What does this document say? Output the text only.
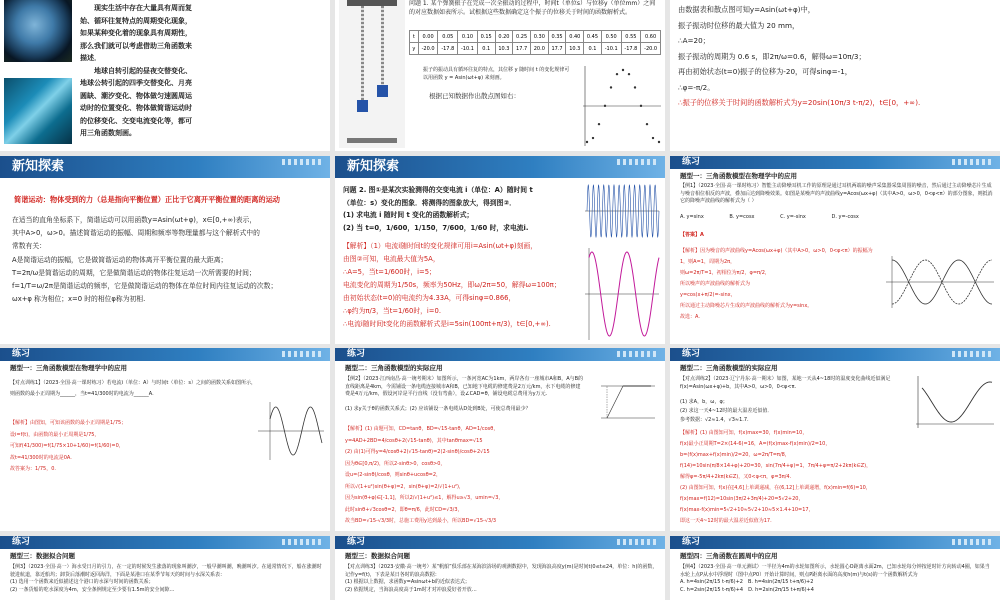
现实生活中存在大量具有周而复
始、循环往复特点的周期变化现象，
如果某种变化着的现象具有周期性，
那么我们就可以考虑借助三角函数来
描述．
地球自转引起的昼夜交替变化、
地球公转引起的四季交替变化、月亮
圆缺、潮汐变化、物体做匀速圆周运
动时的位置变化、物体做简谐运动时
的位移变化、交变电流变化等，都可
用三角函数刻画。
问题 1. 某个弹簧振子在完成一次全振动的过程中，时间t（单位s）与位移y（单位mm）之间的对应数据如表所示。试根据这些数据确定这个振子的位移关于时间的函数解析式。
t	0.00	0.05	0.10	0.15	0.20	0.25	0.30	0.35	0.40	0.45	0.50	0.55	0.60
y	-20.0	-17.8	-10.1	0.1	10.3	17.7	20.0	17.7	10.3	0.1	-10.1	-17.8	-20.0
振子的振动具有循环往复的特点，其位移 y 随时间 t 的变化规律可以用函数 y = Asin(ωt+φ) 来刻画。
根据已知数据作出散点图如右：
由数据表和散点图可知y=Asin(ωt+φ)中，
振子振动时位移的最大值为 20 mm，
∴A=20；
振子振动的周期为 0.6 s，即2π/ω=0.6，解得ω=10π/3；
再由初始状态(t=0)振子的位移为-20，可得sinφ=-1，
∴φ=-π/2。
∴振子的位移关于时间的函数解析式为y=20sin(10π/3 t-π/2)，t∈[0，+∞).
新知探索
简谐运动：物体受到的力（总是指向平衡位置）正比于它离开平衡位置的距离的运动
在适当的直角坐标系下，简谐运动可以用函数y=Asin(ωt+φ)，x∈[0,+∞)表示，
其中A>0，ω>0。描述简谐运动的振幅、周期和频率等物理量都与这个解析式中的
常数有关：
A是简谐运动的振幅，它是做简谐运动的物体离开平衡位置的最大距离；
T=2π/ω是简谐运动的周期，它是做简谐运动的物体往复运动一次所需要的时间；
f=1/T=ω/2π是简谐运动的频率，它是做简谐运动的物体在单位时间内往复运动的次数；
ωx+φ 称为相位；x=0 时的相位φ称为初相.
新知探索
问题 2. 图①是某次实验测得的交变电流 i（单位：A）随时间 t
（单位：s）变化的图象．将测得的图象放大，得到图②．
(1) 求电流 i 随时间 t 变化的函数解析式；
(2) 当 t=0，1/600，1/150，7/600，1/60 时，求电流i.
【解析】（1）电流i随时间t的变化规律可用i=Asin(ωt+φ)刻画，
由图②可知，电流最大值为5A，
∴A=5，当t=1/600时，i=5；
电流变化的周期为1/50s，频率为50Hz，即ω/2π=50，解得ω=100π；
由初始状态(t=0)的电流约为4.33A，可得sinφ=0.866，
∴φ约为π/3，当t=1/60时，i=0.
∴电流i随时间t变化的函数解析式是i=5sin(100πt+π/3)，t∈[0,+∞).
练习
题型一：三角函数模型在物理学中的应用
【例1】（2023·全国·高一课时练习）智能主动降噪耳机工作的原理是通过耳机两端的噪声采集器采集周围的噪音，然后通过主动降噪芯片生成与噪音相位相反的声波，叠加后达到降噪效果。如图是某噪声的声波曲线y=Acos(ωx+φ)（其中A>0，ω>0，0<φ<π）的部分图象，则抵消它的降噪声波曲线的解析式为（ ）
A. y=sinx	B. y=cosx	C. y=-sinx	D. y=-cosx
【答案】A
【解析】因为噪音的声波曲线y=Acos(ωx+φ)（其中A>0，ω>0，0<φ<π）的振幅为1，则A=1，周期为2π，
则ω=2π/T=1，初相位为π/2，φ=π/2，
所以噪声的声波曲线的解析式为
y=cos(x+π/2)=-sinx，
所以通过主动降噪芯片生成的声波曲线的解析式为y=sinx。
故选：A.
练习
题型一：三角函数模型在物理学中的应用
【对点训练1】（2023·全国·高一课时练习）若电流i（单位：A）与时间t（单位：s）之间的函数关系如图所示，则函数的最小正周期为______，当t=41/300时的电流为______A.
【解析】由图知，可知该函数的最小正周期是1/75；
设i=f(t)，由函数的最小正周期是1/75，
可知f(41/300)=f(1/75×10+1/60)=f(1/60)=0，
故t=41/300时的电流是0A.
故答案为：1/75，0.
练习
题型二：三角函数模型的实际应用
【例2】（2023·江西南昌·高一统考期末）如图所示，一条河宽AC为1km，两岸各有一座城市A和B，A与B的直线距离是4km，今需铺设一条电缆连接城市A和B，已知地下电缆的修建费是2万元/km，水下电缆的修建费是4万元/km，假设河岸是平行直线（没有弯曲），设∠CAD=θ，铺设电缆总费用为y万元.
(1) 求y关于θ的函数关系式；(2) 应该铺设一条电缆从D处到B处，可使总费用最少？
【解析】(1) 由题可知，CD=tanθ，BD=√15-tanθ，AD=1/cosθ，
y=4AD+2BD=4/cosθ+2(√15-tanθ)，其中tanθmax=√15
(2) 由(1)可得y=4/cosθ+2(√15-tanθ)=2(2-sinθ)/cosθ+2√15
因为θ∈[0,π/2)，所以2-sinθ>0，cosθ>0，
设u=(2-sinθ)/cosθ，则sinθ+ucosθ=2，
所以√(1+u²)sin(θ+φ)=2，sin(θ+φ)=2/√(1+u²)，
因为sin(θ+φ)∈[-1,1]，所以2/√(1+u²)≤1，解得u≥√3，umin=√3，
此时sinθ+√3cosθ=2，即θ=π/6，此时CD=√3/3，
故当BD=√15-√3/3时，总施工费用y达到最小，所以BD=√15-√3/3
练习
题型二：三角函数模型的实际应用
【对点训练2】（2023·辽宁丹东·高一期末）如图，某地一天从4~18时的温度变化曲线近似满足f(x)=Asin(ωx+φ)+b，其中A>0，ω>0，0<φ<π.
(1) 求A，b，ω，φ；
(2) 求这一天4~12时的最大温差近似值．
参考数据：√2≈1.4，√3≈1.7.
【解析】(1) 由图知可知，f(x)max=30，f(x)min=10，
f(x)最小正周期T=2×(14-6)=16，A=(f(x)max-f(x)min)/2=10，
b=(f(x)max+f(x)min)/2=20，ω=2π/T=π/8，
f(14)=10sin(π/8×14+φ)+20=30，sin(7π/4+φ)=1，7π/4+φ=π/2+2kπ(k∈Z)，
解得φ=-5π/4+2kπ(k∈Z)，又0<φ<π，φ=3π/4.
(2) 由图知可知，f(x)在[4,6]上单调递减，在(6,12]上单调递增，f(x)min=f(6)=10，
f(x)max=f(12)=10sin(3π/2+3π/4)+20=5√2+20，
f(x)max-f(x)min=5√2+10≈5√2+10≈5×1.4+10=17，
即这一天4~12时的最大温差近似值为17.
练习
题型三：数据拟合问题
【例3】（2023·全国·高一）海水受日月的引力，在一定的时候发生涨落的现象叫潮汐，一般早潮叫潮，晚潮叫汐。在通常情况下，船在涨潮时驶进航道，靠近船坞；卸货后落潮时返回海洋，下面是某港口在某季节每天的时间与水深关系表：
(1) 选用一个函数来近似描述这个港口的水深与时间的函数关系；
(2) 一条货船的吃水深度为4m，安全条例规定至少要有1.5m的安全间隙…
练习
题型三：数据拟合问题
【对点训练3】（2023·安徽·高一统考）某“帆船”俱乐部在某海滨浴场的观测数据中，发现海浪高度y(m)是时间t(0≤t≤24，单位：h)的函数，记作y=f(t)，下表是某日各时的浪高数据：
(1) 根据以上数据，求函数y=Asinωt+b的近似表达式；
(2) 依据规定，当海浪高度高于1m时才对冲浪爱好者开放…
练习
题型四：三角函数在圆周中的应用
【例4】（2023·全国·高一单元测试）一半径为4m的水轮如图所示，水轮圆心O距离水面2m，已知水轮每分钟按逆时针方向转动4圈，如果当水轮上点P从水中浮现时（图中点P0）开始计算时间，则点P距离水面的高度h(m)与t(s)的一个函数解析式为
A. h=4sin(2π/15 t-π/6)+2　B. h=4sin(2π/15 t+π/6)+2
C. h=2sin(2π/15 t-π/6)+4　D. h=2sin(2π/15 t+π/6)+4
